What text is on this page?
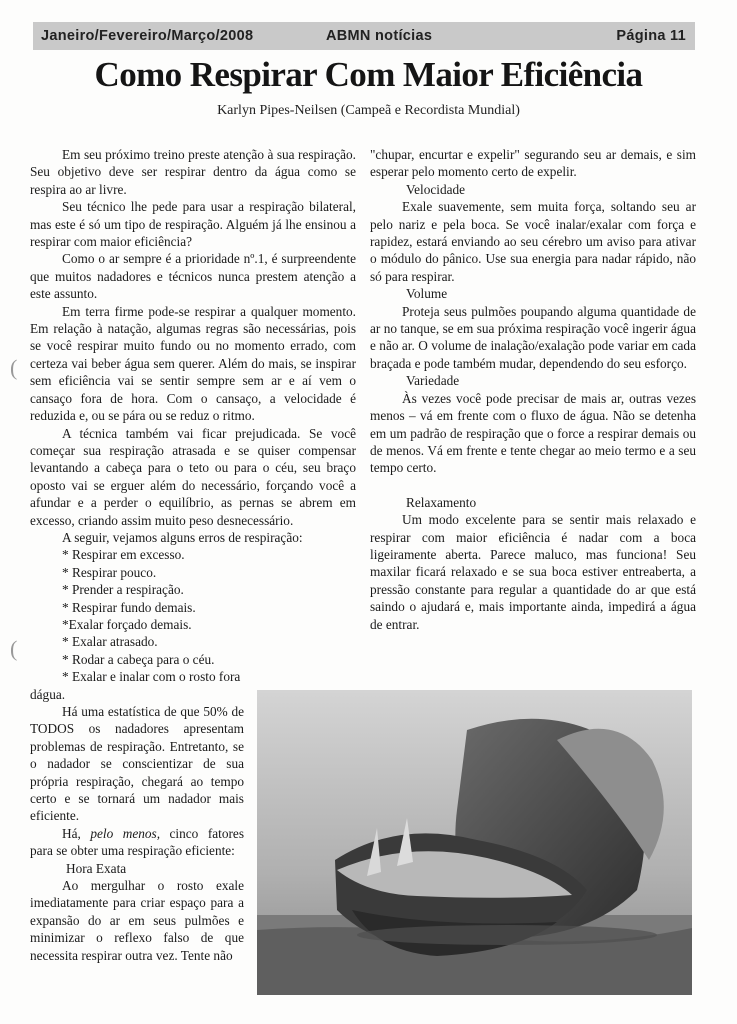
Janeiro/Fevereiro/Março/2008	ABMN notícias	Página 11
Como Respirar Com Maior Eficiência
Karlyn Pipes-Neilsen (Campeã e Recordista Mundial)

Em seu próximo treino preste atenção à sua respiração. Seu objetivo deve ser respirar dentro da água como se respira ao ar livre.

Seu técnico lhe pede para usar a respiração bilateral, mas este é só um tipo de respiração. Alguém já lhe ensinou a respirar com maior eficiência?

Como o ar sempre é a prioridade nº.1, é surpreendente que muitos nadadores e técnicos nunca prestem atenção a este assunto.

Em terra firme pode-se respirar a qualquer momento. Em relação à natação, algumas regras são necessárias, pois se você respirar muito fundo ou no momento errado, com certeza vai beber água sem querer. Além do mais, se inspirar sem eficiência vai se sentir sempre sem ar e aí vem o cansaço fora de hora. Com o cansaço, a velocidade é reduzida e, ou se pára ou se reduz o ritmo.

A técnica também vai ficar prejudicada. Se você começar sua respiração atrasada e se quiser compensar levantando a cabeça para o teto ou para o céu, seu braço oposto vai se erguer além do necessário, forçando você a afundar e a perder o equilíbrio, as pernas se abrem em excesso, criando assim muito peso desnecessário.

A seguir, vejamos alguns erros de respiração:

* Respirar em excesso.

* Respirar pouco.

* Prender a respiração.

* Respirar fundo demais.

*Exalar forçado demais.

* Exalar atrasado.

* Rodar a cabeça para o céu.

* Exalar e inalar com o rosto fora

dágua.

Há uma estatística de que 50% de TODOS os nadadores apresentam problemas de respiração. Entretanto, se o nadador se conscientizar de sua própria respiração, chegará ao tempo certo e se tornará um nadador mais eficiente.

Há, pelo menos, cinco fatores para se obter uma respiração eficiente:

Hora Exata

Ao mergulhar o rosto exale imediatamente para criar espaço para a expansão do ar em seus pulmões e minimizar o reflexo falso de que necessita respirar outra vez. Tente não

"chupar, encurtar e expelir" segurando seu ar demais, e sim esperar pelo momento certo de expelir.

Velocidade

Exale suavemente, sem muita força, soltando seu ar pelo nariz e pela boca. Se você inalar/exalar com força e rapidez, estará enviando ao seu cérebro um aviso para ativar o módulo do pânico. Use sua energia para nadar rápido, não só para respirar.

Volume

Proteja seus pulmões poupando alguma quantidade de ar no tanque, se em sua próxima respiração você ingerir água e não ar. O volume de inalação/exalação pode variar em cada braçada e pode também mudar, dependendo do seu esforço.

Variedade

Às vezes você pode precisar de mais ar, outras vezes menos – vá em frente com o fluxo de água. Não se detenha em um padrão de respiração que o force a respirar demais ou de menos. Vá em frente e tente chegar ao meio termo e a seu tempo certo.

Relaxamento

Um modo excelente para se sentir mais relaxado e respirar com maior eficiência é nadar com a boca ligeiramente aberta. Parece maluco, mas funciona! Seu maxilar ficará relaxado e se sua boca estiver entreaberta, a pressão constante para regular a quantidade do ar que está saindo o ajudará e, mais importante ainda, impedirá a água de entrar.

(
(
